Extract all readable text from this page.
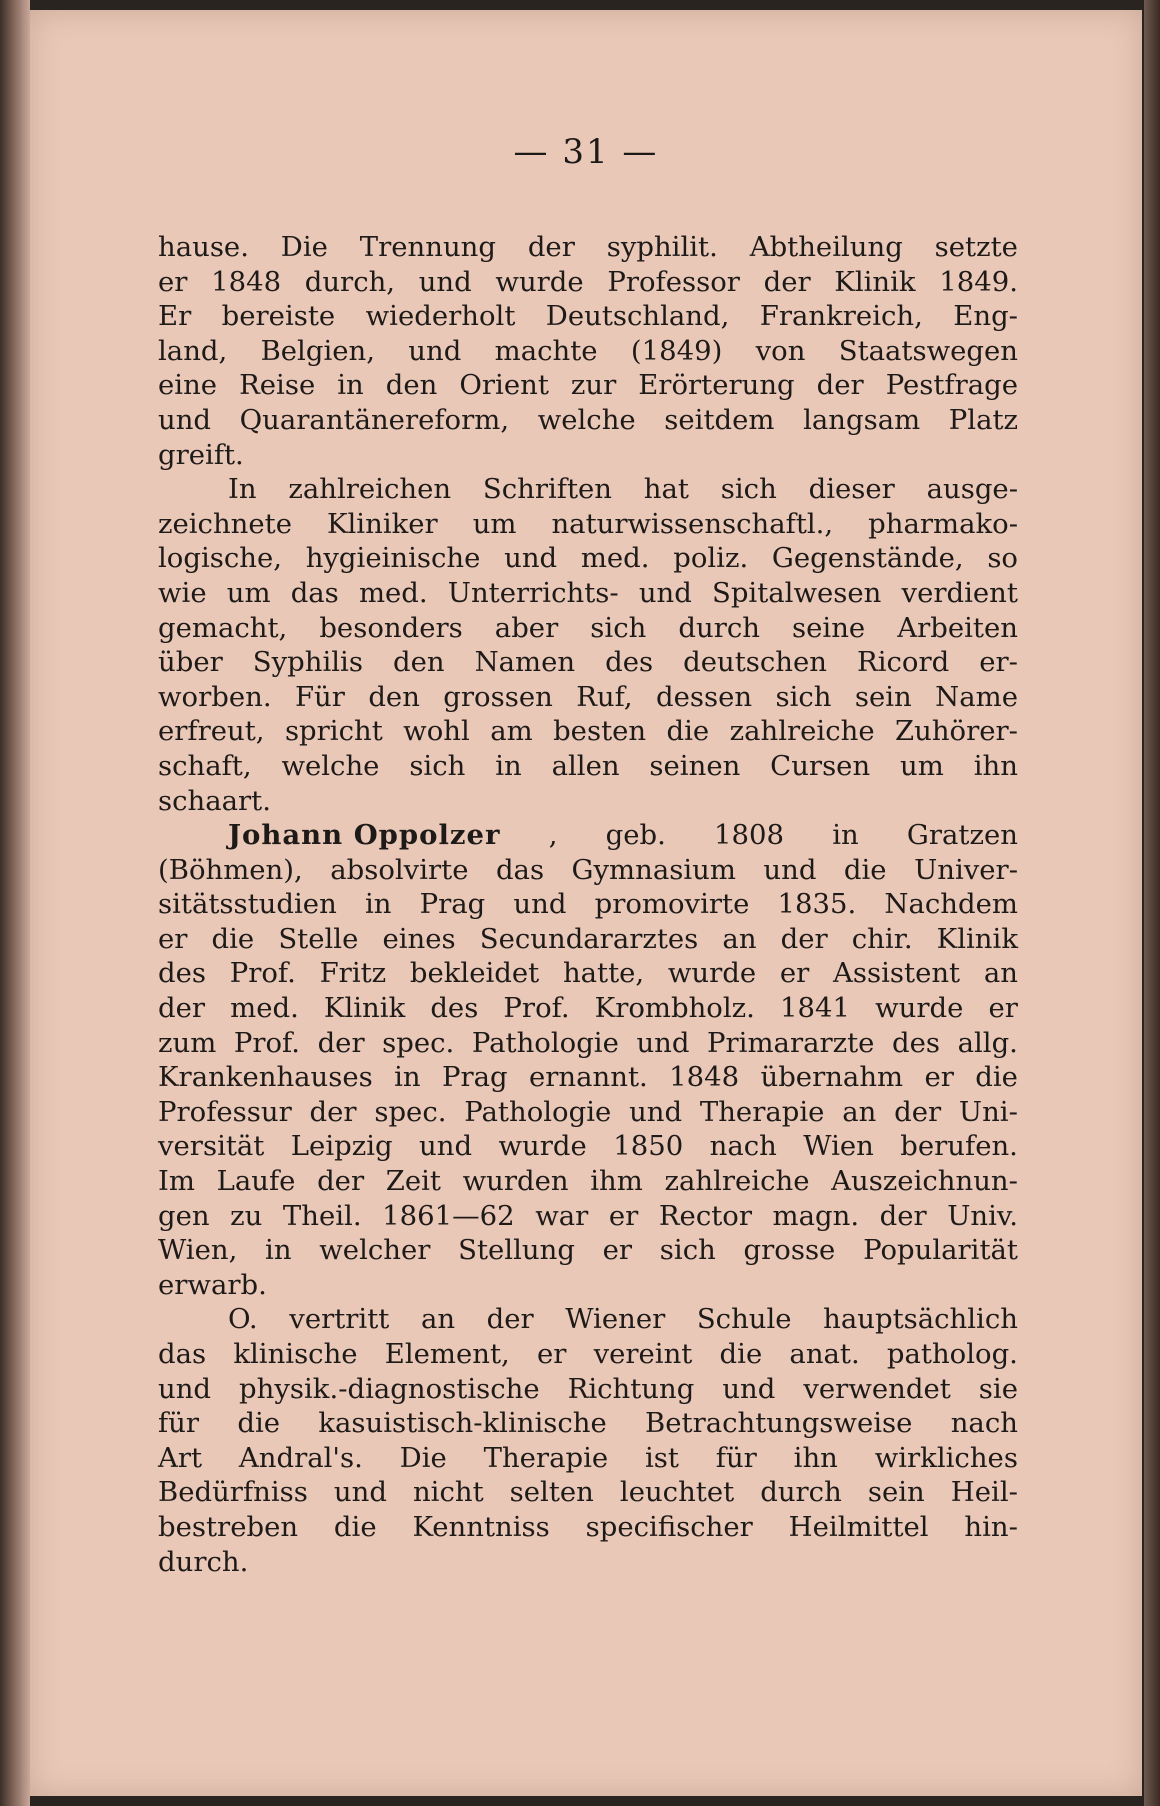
— 31 —
hause. Die Trennung der syphilit. Abtheilung setzte
er 1848 durch, und wurde Professor der Klinik 1849.
Er bereiste wiederholt Deutschland, Frankreich, Eng-
land, Belgien, und machte (1849) von Staatswegen
eine Reise in den Orient zur Erörterung der Pestfrage
und Quarantänereform, welche seitdem langsam Platz
greift.
In zahlreichen Schriften hat sich dieser ausge-
zeichnete Kliniker um naturwissenschaftl., pharmako-
logische, hygieinische und med. poliz. Gegenstände, so
wie um das med. Unterrichts- und Spitalwesen verdient
gemacht, besonders aber sich durch seine Arbeiten
über Syphilis den Namen des deutschen Ricord er-
worben. Für den grossen Ruf, dessen sich sein Name
erfreut, spricht wohl am besten die zahlreiche Zuhörer-
schaft, welche sich in allen seinen Cursen um ihn
schaart.
Johann Oppolzer , geb. 1808 in Gratzen
(Böhmen), absolvirte das Gymnasium und die Univer-
sitätsstudien in Prag und promovirte 1835. Nachdem
er die Stelle eines Secundararztes an der chir. Klinik
des Prof. Fritz bekleidet hatte, wurde er Assistent an
der med. Klinik des Prof. Krombholz. 1841 wurde er
zum Prof. der spec. Pathologie und Primararzte des allg.
Krankenhauses in Prag ernannt. 1848 übernahm er die
Professur der spec. Pathologie und Therapie an der Uni-
versität Leipzig und wurde 1850 nach Wien berufen.
Im Laufe der Zeit wurden ihm zahlreiche Auszeichnun-
gen zu Theil. 1861—62 war er Rector magn. der Univ.
Wien, in welcher Stellung er sich grosse Popularität
erwarb.
O. vertritt an der Wiener Schule hauptsächlich
das klinische Element, er vereint die anat. patholog.
und physik.-diagnostische Richtung und verwendet sie
für die kasuistisch-klinische Betrachtungsweise nach
Art Andral's. Die Therapie ist für ihn wirkliches
Bedürfniss und nicht selten leuchtet durch sein Heil-
bestreben die Kenntniss specifischer Heilmittel hin-
durch.
